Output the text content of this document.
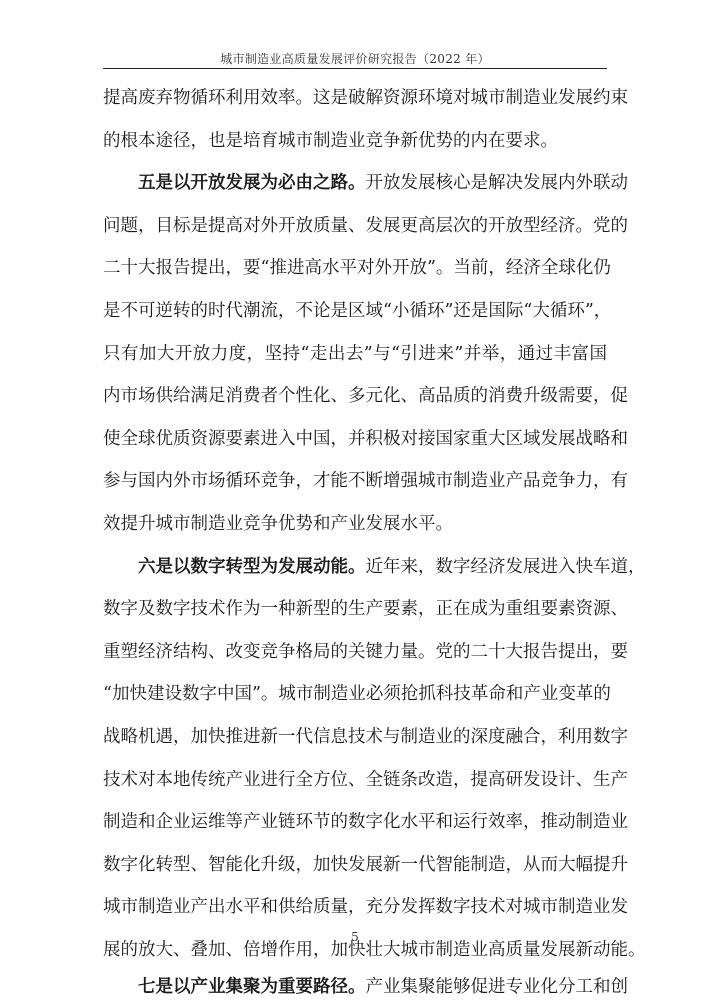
城市制造业高质量发展评价研究报告（2022 年）
提高废弃物循环利用效率。这是破解资源环境对城市制造业发展约束
的根本途径，也是培育城市制造业竞争新优势的内在要求。
五是以开放发展为必由之路。开放发展核心是解决发展内外联动
问题，目标是提高对外开放质量、发展更高层次的开放型经济。党的
二十大报告提出，要“推进高水平对外开放”。当前，经济全球化仍
是不可逆转的时代潮流，不论是区域“小循环”还是国际“大循环”，
只有加大开放力度，坚持“走出去”与“引进来”并举，通过丰富国
内市场供给满足消费者个性化、多元化、高品质的消费升级需要，促
使全球优质资源要素进入中国，并积极对接国家重大区域发展战略和
参与国内外市场循环竞争，才能不断增强城市制造业产品竞争力，有
效提升城市制造业竞争优势和产业发展水平。
六是以数字转型为发展动能。近年来，数字经济发展进入快车道，
数字及数字技术作为一种新型的生产要素，正在成为重组要素资源、
重塑经济结构、改变竞争格局的关键力量。党的二十大报告提出，要
“加快建设数字中国”。城市制造业必须抢抓科技革命和产业变革的
战略机遇，加快推进新一代信息技术与制造业的深度融合，利用数字
技术对本地传统产业进行全方位、全链条改造，提高研发设计、生产
制造和企业运维等产业链环节的数字化水平和运行效率，推动制造业
数字化转型、智能化升级，加快发展新一代智能制造，从而大幅提升
城市制造业产出水平和供给质量，充分发挥数字技术对城市制造业发
展的放大、叠加、倍增作用，加快壮大城市制造业高质量发展新动能。
七是以产业集聚为重要路径。产业集聚能够促进专业化分工和创
5
